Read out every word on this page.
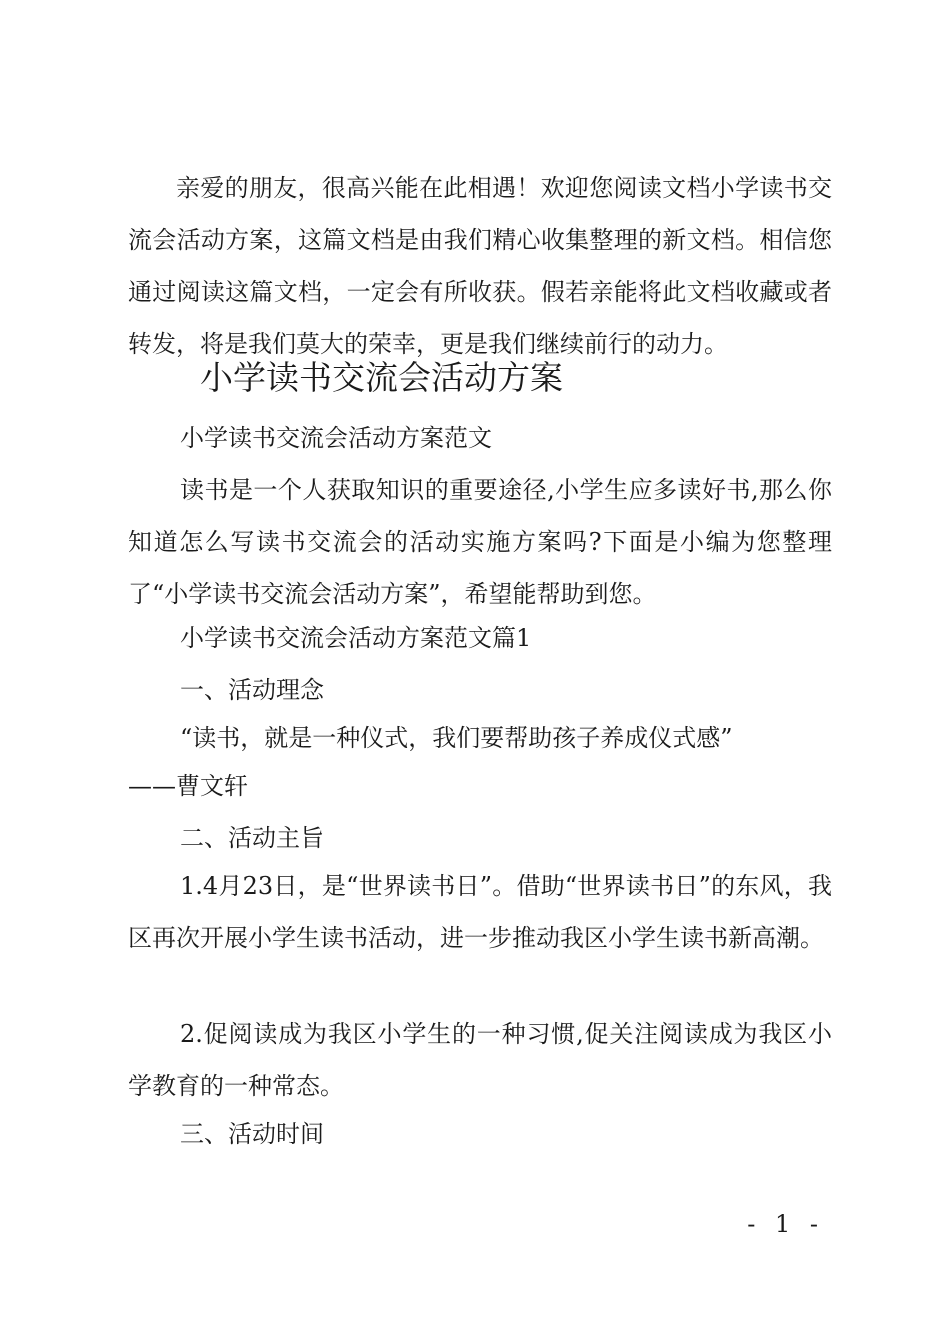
亲爱的朋友，很高兴能在此相遇！欢迎您阅读文档小学读书交流会活动方案，这篇文档是由我们精心收集整理的新文档。相信您通过阅读这篇文档，一定会有所收获。假若亲能将此文档收藏或者转发，将是我们莫大的荣幸，更是我们继续前行的动力。

小学读书交流会活动方案

小学读书交流会活动方案范文

读书是一个人获取知识的重要途径,小学生应多读好书,那么你知道怎么写读书交流会的活动实施方案吗?下面是小编为您整理了“小学读书交流会活动方案”，希望能帮助到您。

小学读书交流会活动方案范文篇1

一、活动理念

“读书，就是一种仪式，我们要帮助孩子养成仪式感”

——曹文轩

二、活动主旨

1.4月23日，是“世界读书日”。借助“世界读书日”的东风，我区再次开展小学生读书活动，进一步推动我区小学生读书新高潮。

2.促阅读成为我区小学生的一种习惯,促关注阅读成为我区小学教育的一种常态。

三、活动时间

- 1 -
